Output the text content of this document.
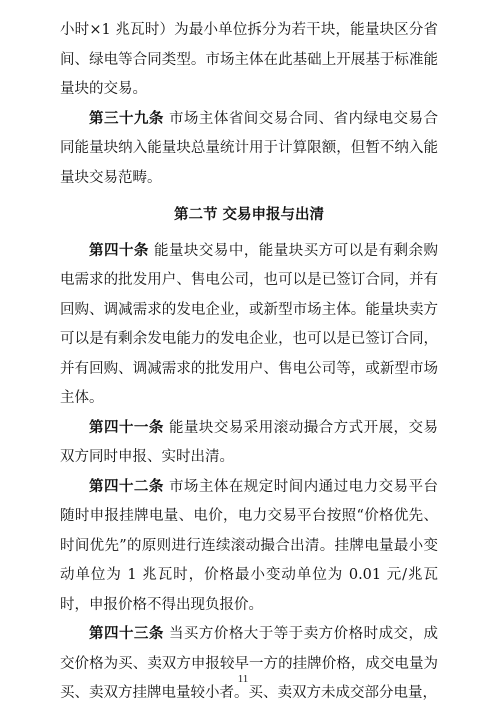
小时×1 兆瓦时）为最小单位拆分为若干块，能量块区分省间、绿电等合同类型。市场主体在此基础上开展基于标准能量块的交易。

第三十九条 市场主体省间交易合同、省内绿电交易合同能量块纳入能量块总量统计用于计算限额，但暂不纳入能量块交易范畴。

第二节 交易申报与出清

第四十条 能量块交易中，能量块买方可以是有剩余购电需求的批发用户、售电公司，也可以是已签订合同，并有回购、调减需求的发电企业，或新型市场主体。能量块卖方可以是有剩余发电能力的发电企业，也可以是已签订合同，并有回购、调减需求的批发用户、售电公司等，或新型市场主体。

第四十一条 能量块交易采用滚动撮合方式开展，交易双方同时申报、实时出清。

第四十二条 市场主体在规定时间内通过电力交易平台随时申报挂牌电量、电价，电力交易平台按照“价格优先、时间优先”的原则进行连续滚动撮合出清。挂牌电量最小变动单位为 1 兆瓦时，价格最小变动单位为 0.01 元/兆瓦时，申报价格不得出现负报价。

第四十三条 当买方价格大于等于卖方价格时成交，成交价格为买、卖双方申报较早一方的挂牌价格，成交电量为买、卖双方挂牌电量较小者。买、卖双方未成交部分电量，

11
